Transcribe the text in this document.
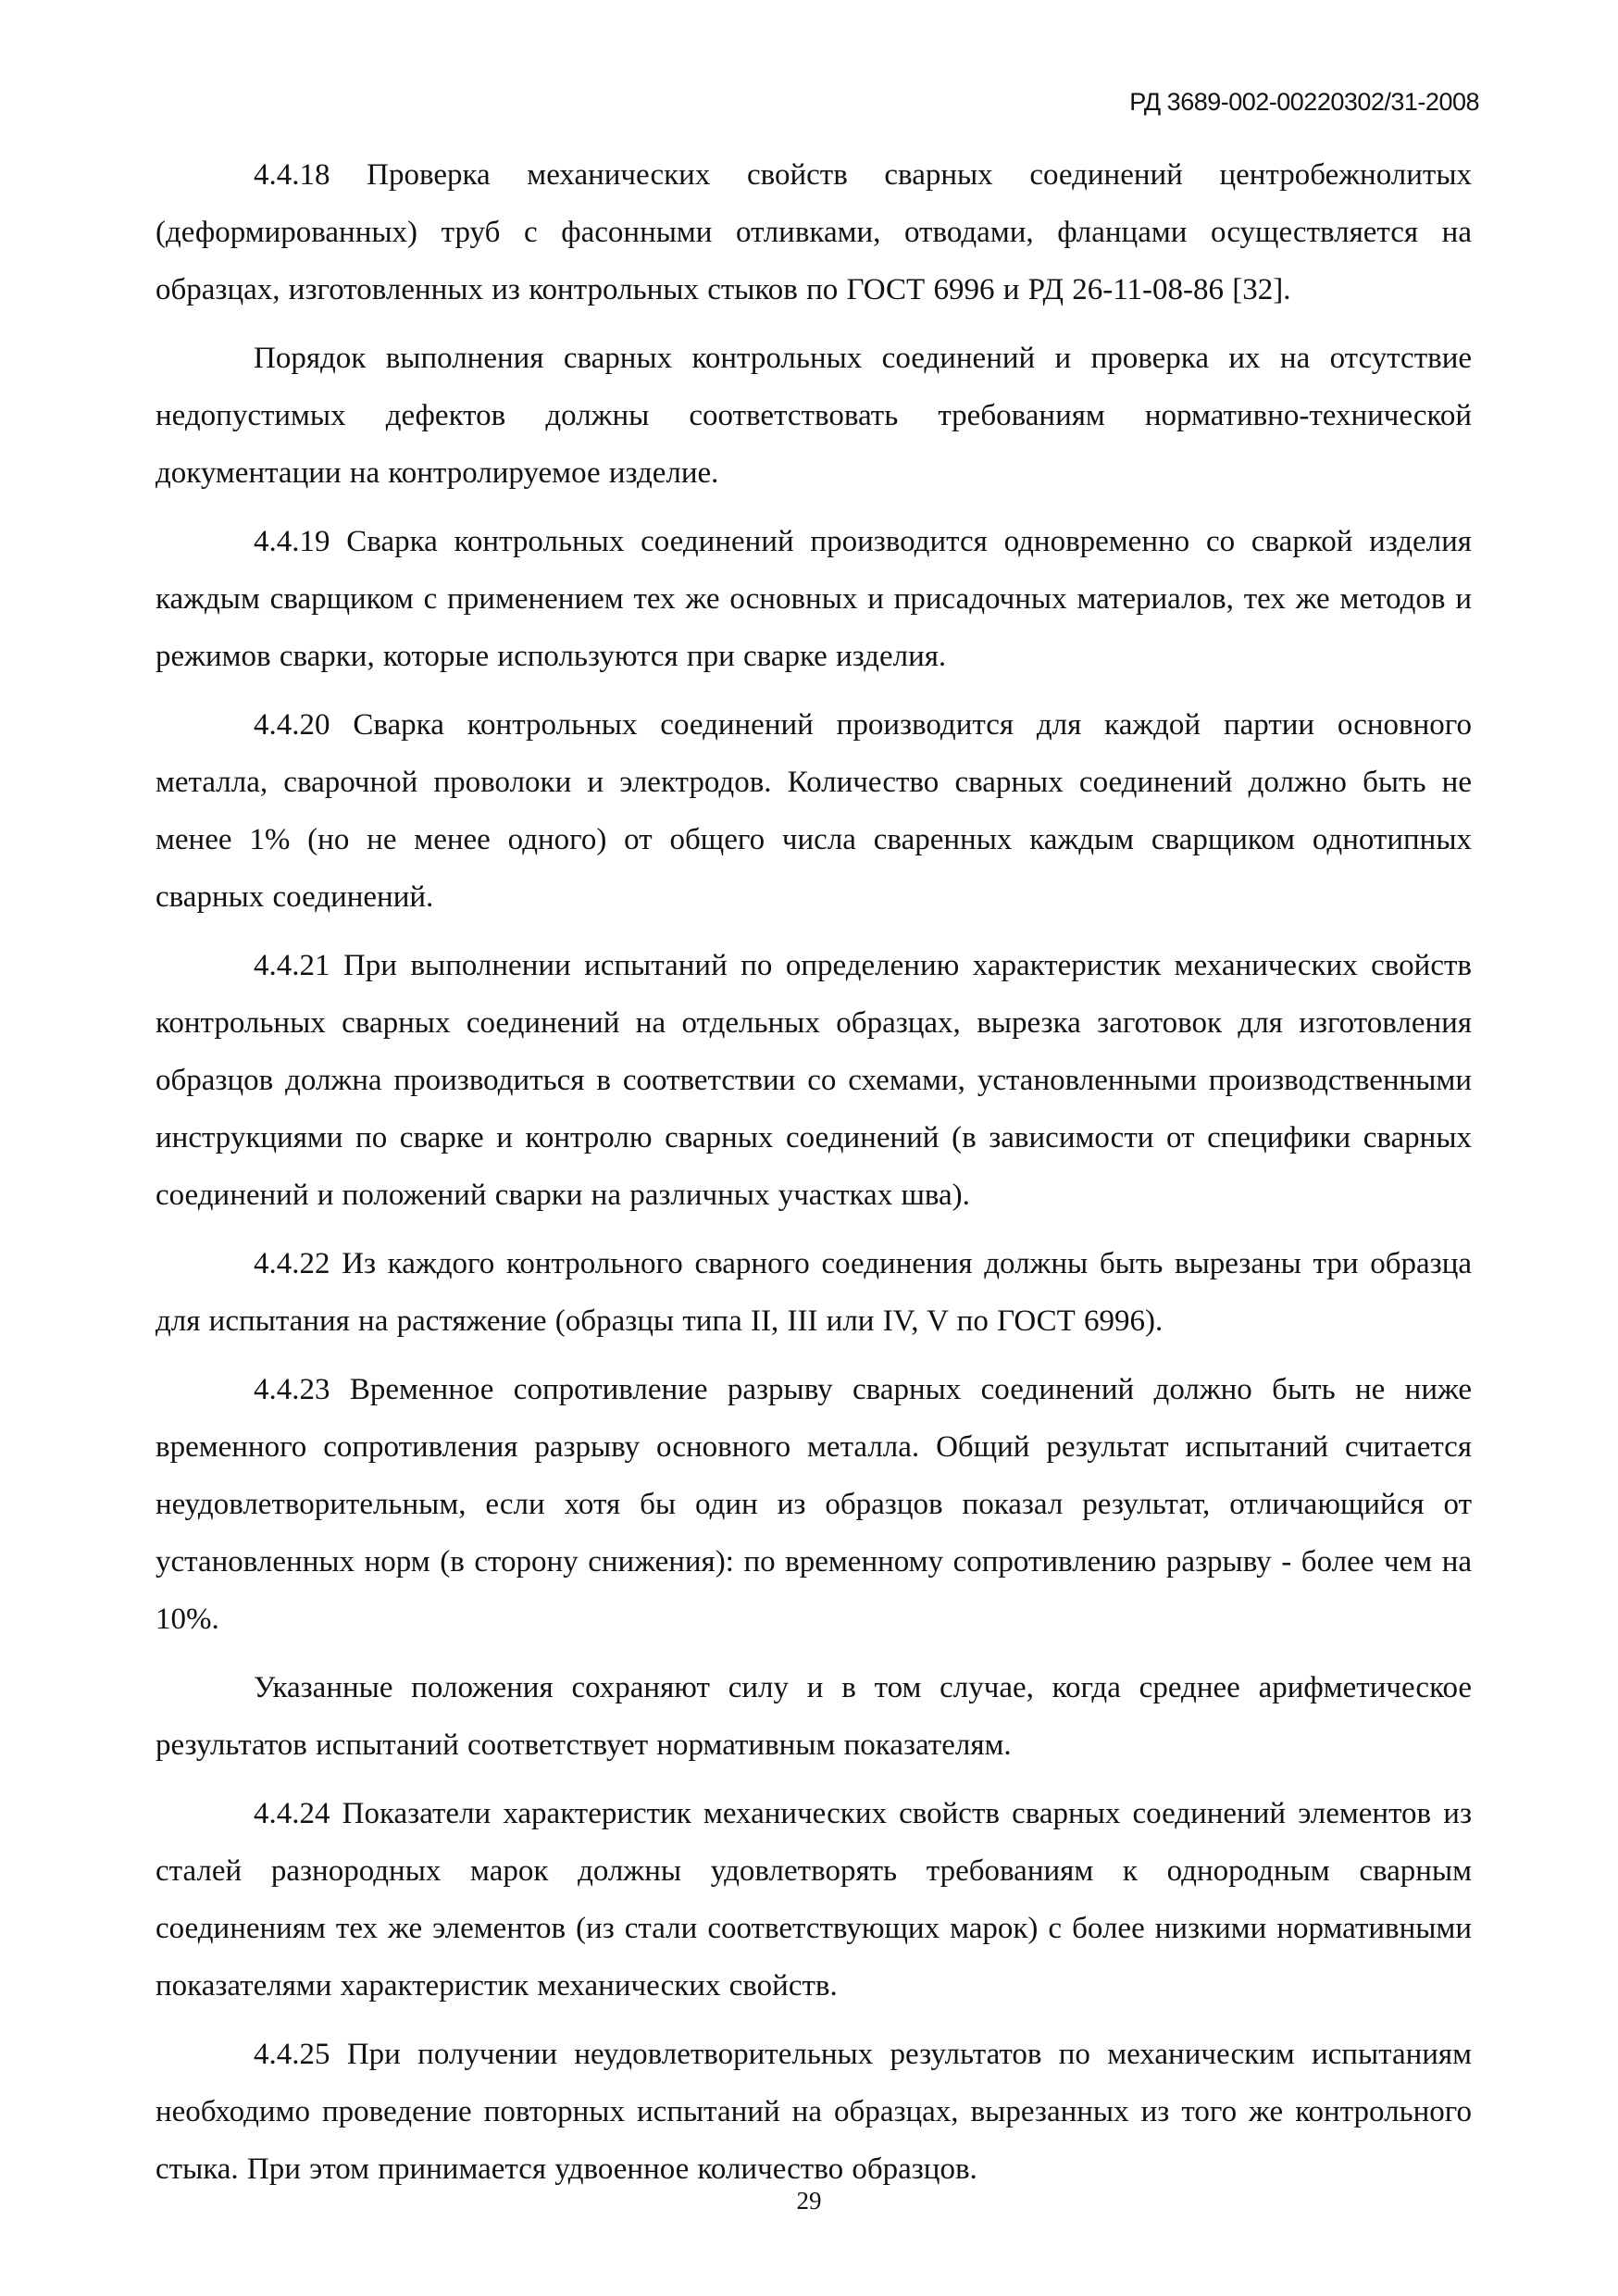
РД 3689-002-00220302/31-2008

4.4.18 Проверка механических свойств сварных соединений центробежнолитых (деформированных) труб с фасонными отливками, отводами, фланцами осуществляется на образцах, изготовленных из контрольных стыков по ГОСТ 6996 и РД 26-11-08-86 [32].

Порядок выполнения сварных контрольных соединений и проверка их на отсутствие недопустимых дефектов должны соответствовать требованиям нормативно-технической документации на контролируемое изделие.

4.4.19 Сварка контрольных соединений производится одновременно со сваркой изделия каждым сварщиком с применением тех же основных и присадочных материалов, тех же методов и режимов сварки, которые используются при сварке изделия.

4.4.20 Сварка контрольных соединений производится для каждой партии основного металла, сварочной проволоки и электродов. Количество сварных соединений должно быть не менее 1% (но не менее одного) от общего числа сваренных каждым сварщиком однотипных сварных соединений.

4.4.21 При выполнении испытаний по определению характеристик механических свойств контрольных сварных соединений на отдельных образцах, вырезка заготовок для изготовления образцов должна производиться в соответствии со схемами, установленными производственными инструкциями по сварке и контролю сварных соединений (в зависимости от специфики сварных соединений и положений сварки на различных участках шва).

4.4.22 Из каждого контрольного сварного соединения должны быть вырезаны три образца для испытания на растяжение (образцы типа II, III или IV, V по ГОСТ 6996).

4.4.23 Временное сопротивление разрыву сварных соединений должно быть не ниже временного сопротивления разрыву основного металла. Общий результат испытаний считается неудовлетворительным, если хотя бы один из образцов показал результат, отличающийся от установленных норм (в сторону снижения): по временному сопротивлению разрыву - более чем на 10%.

Указанные положения сохраняют силу и в том случае, когда среднее арифметическое результатов испытаний соответствует нормативным показателям.

4.4.24 Показатели характеристик механических свойств сварных соединений элементов из сталей разнородных марок должны удовлетворять требованиям к однородным сварным соединениям тех же элементов (из стали соответствующих марок) с более низкими нормативными показателями характеристик механических свойств.

4.4.25 При получении неудовлетворительных результатов по механическим испытаниям необходимо проведение повторных испытаний на образцах, вырезанных из того же контрольного стыка. При этом принимается удвоенное количество образцов.

29
